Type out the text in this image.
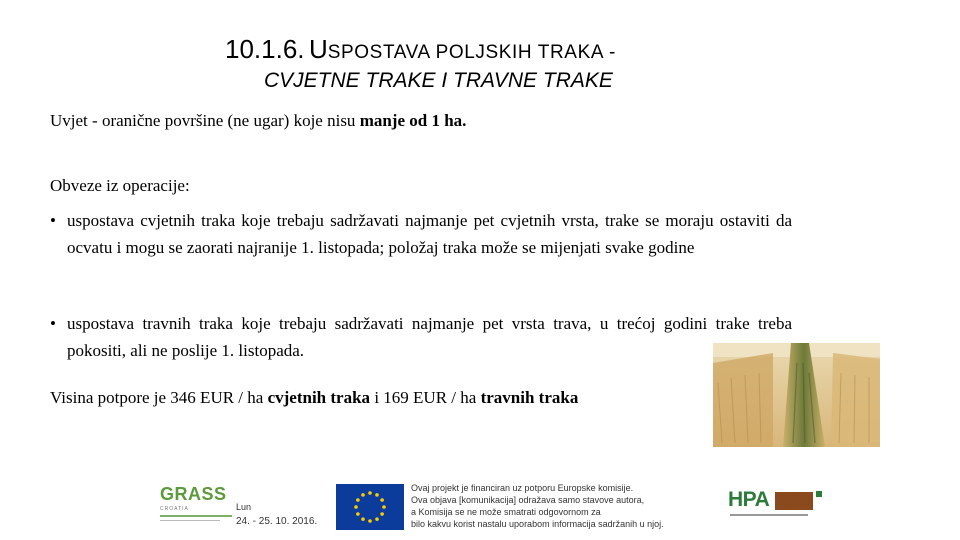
10.1.6. USPOSTAVA POLJSKIH TRAKA -
CVJETNE TRAKE I TRAVNE TRAKE
Uvjet - oranične površine (ne ugar) koje nisu manje od 1 ha.
Obveze iz operacije:
• uspostava cvjetnih traka koje trebaju sadržavati najmanje pet cvjetnih vrsta, trake se moraju ostaviti da ocvatu i mogu se zaorati najranije 1. listopada; položaj traka može se mijenjati svake godine
• uspostava travnih traka koje trebaju sadržavati najmanje pet vrsta trava, u trećoj godini trake treba pokositi, ali ne poslije 1. listopada.
Visina potpore je 346 EUR / ha cvjetnih traka i 169 EUR / ha travnih traka
GRASS
CROATIA	Lun
24. - 25. 10. 2016.
Ovaj projekt je financiran uz potporu Europske komisije.
Ova objava [komunikacija] odražava samo stavove autora,
a Komisija se ne može smatrati odgovornom za
bilo kakvu korist nastalu uporabom informacija sadržanih u njoj.
HPA
